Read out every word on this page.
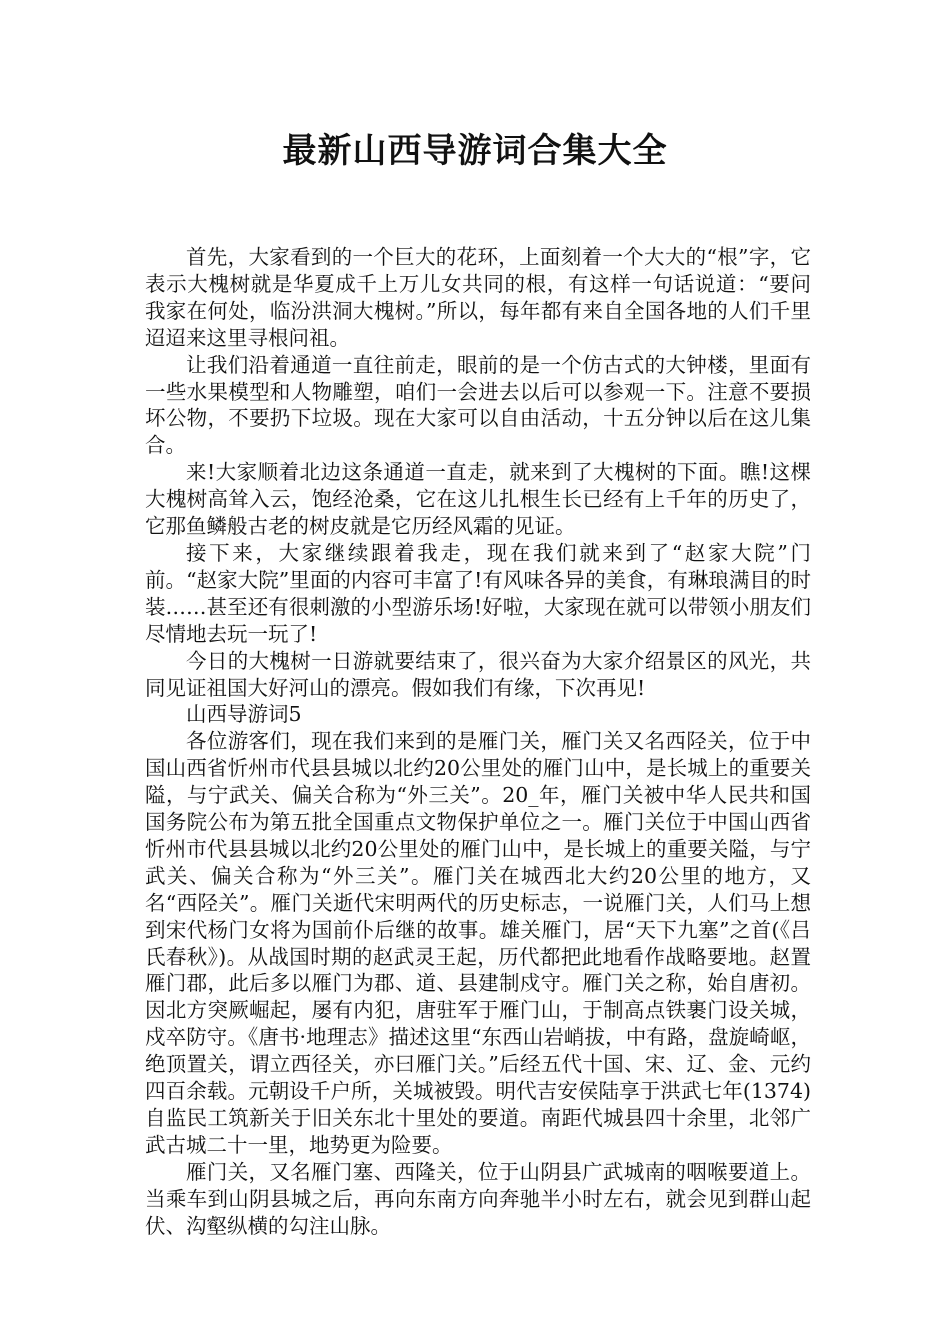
最新山西导游词合集大全

首先，大家看到的一个巨大的花环，上面刻着一个大大的“根”字，它表示大槐树就是华夏成千上万儿女共同的根，有这样一句话说道：“要问我家在何处，临汾洪洞大槐树。”所以，每年都有来自全国各地的人们千里迢迢来这里寻根问祖。

让我们沿着通道一直往前走，眼前的是一个仿古式的大钟楼，里面有一些水果模型和人物雕塑，咱们一会进去以后可以参观一下。注意不要损坏公物，不要扔下垃圾。现在大家可以自由活动，十五分钟以后在这儿集合。

来!大家顺着北边这条通道一直走，就来到了大槐树的下面。瞧!这棵大槐树高耸入云，饱经沧桑，它在这儿扎根生长已经有上千年的历史了，它那鱼鳞般古老的树皮就是它历经风霜的见证。

接下来，大家继续跟着我走，现在我们就来到了“赵家大院”门前。“赵家大院”里面的内容可丰富了!有风味各异的美食，有琳琅满目的时装……甚至还有很刺激的小型游乐场!好啦，大家现在就可以带领小朋友们尽情地去玩一玩了!

今日的大槐树一日游就要结束了，很兴奋为大家介绍景区的风光，共同见证祖国大好河山的漂亮。假如我们有缘，下次再见!

山西导游词5

各位游客们，现在我们来到的是雁门关，雁门关又名西陉关，位于中国山西省忻州市代县县城以北约20公里处的雁门山中，是长城上的重要关隘，与宁武关、偏关合称为“外三关”。20_年，雁门关被中华人民共和国国务院公布为第五批全国重点文物保护单位之一。雁门关位于中国山西省忻州市代县县城以北约20公里处的雁门山中，是长城上的重要关隘，与宁武关、偏关合称为“外三关”。雁门关在城西北大约20公里的地方，又名“西陉关”。雁门关逝代宋明两代的历史标志，一说雁门关，人们马上想到宋代杨门女将为国前仆后继的故事。雄关雁门，居“天下九塞”之首(《吕氏春秋》)。从战国时期的赵武灵王起，历代都把此地看作战略要地。赵置雁门郡，此后多以雁门为郡、道、县建制戍守。雁门关之称，始自唐初。因北方突厥崛起，屡有内犯，唐驻军于雁门山，于制高点铁裹门设关城，戍卒防守。《唐书·地理志》描述这里“东西山岩峭拔，中有路，盘旋崎岖，绝顶置关，谓立西径关，亦曰雁门关。”后经五代十国、宋、辽、金、元约四百余载。元朝设千户所，关城被毁。明代吉安侯陆享于洪武七年(1374)自监民工筑新关于旧关东北十里处的要道。南距代城县四十余里，北邻广武古城二十一里，地势更为险要。

雁门关，又名雁门塞、西隆关，位于山阴县广武城南的咽喉要道上。当乘车到山阴县城之后，再向东南方向奔驰半小时左右，就会见到群山起伏、沟壑纵横的勾注山脉。
